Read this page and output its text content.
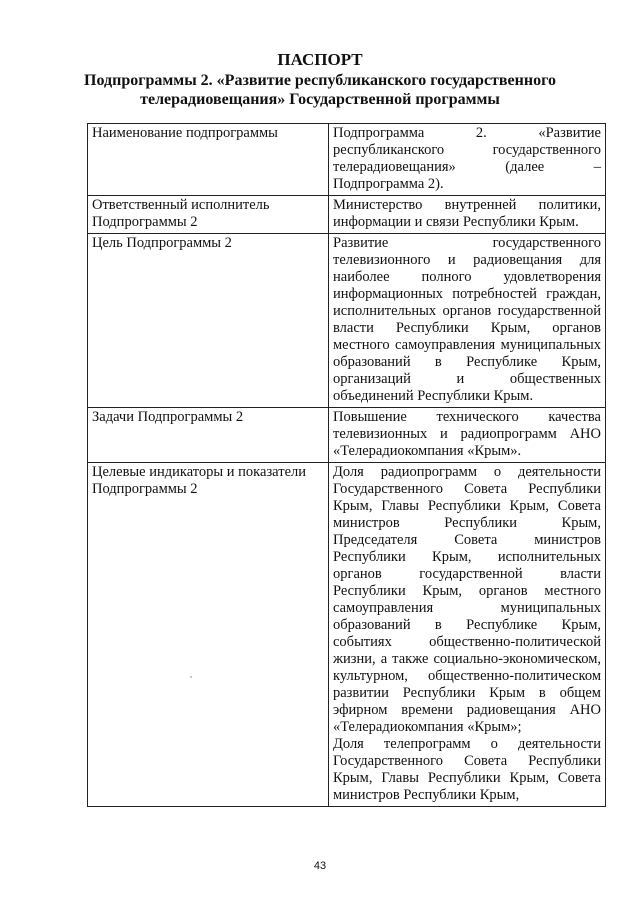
ПАСПОРТ
Подпрограммы 2. «Развитие республиканского государственного
телерадиовещания» Государственной программы
Наименование подпрограммы	Подпрограмма 2. «Развитие республиканского государственного телерадиовещания» (далее – Подпрограмма 2).
Ответственный исполнитель Подпрограммы 2	Министерство внутренней политики, информации и связи Республики Крым.
Цель Подпрограммы 2	Развитие государственного телевизионного и радиовещания для наиболее полного удовлетворения информационных потребностей граждан, исполнительных органов государственной власти Республики Крым, органов местного самоуправления муниципальных образований в Республике Крым, организаций и общественных объединений Республики Крым.
Задачи Подпрограммы 2	Повышение технического качества телевизионных и радиопрограмм АНО «Телерадиокомпания «Крым».
Целевые индикаторы и показатели Подпрограммы 2	Доля радиопрограмм о деятельности Государственного Совета Республики Крым, Главы Республики Крым, Совета министров Республики Крым, Председателя Совета министров Республики Крым, исполнительных органов государственной власти Республики Крым, органов местного самоуправления муниципальных образований в Республике Крым, событиях общественно-политической жизни, а также социально-экономическом, культурном, общественно-политическом развитии Республики Крым в общем эфирном времени радиовещания АНО «Телерадиокомпания «Крым»;
Доля телепрограмм о деятельности Государственного Совета Республики Крым, Главы Республики Крым, Совета министров Республики Крым,
43
